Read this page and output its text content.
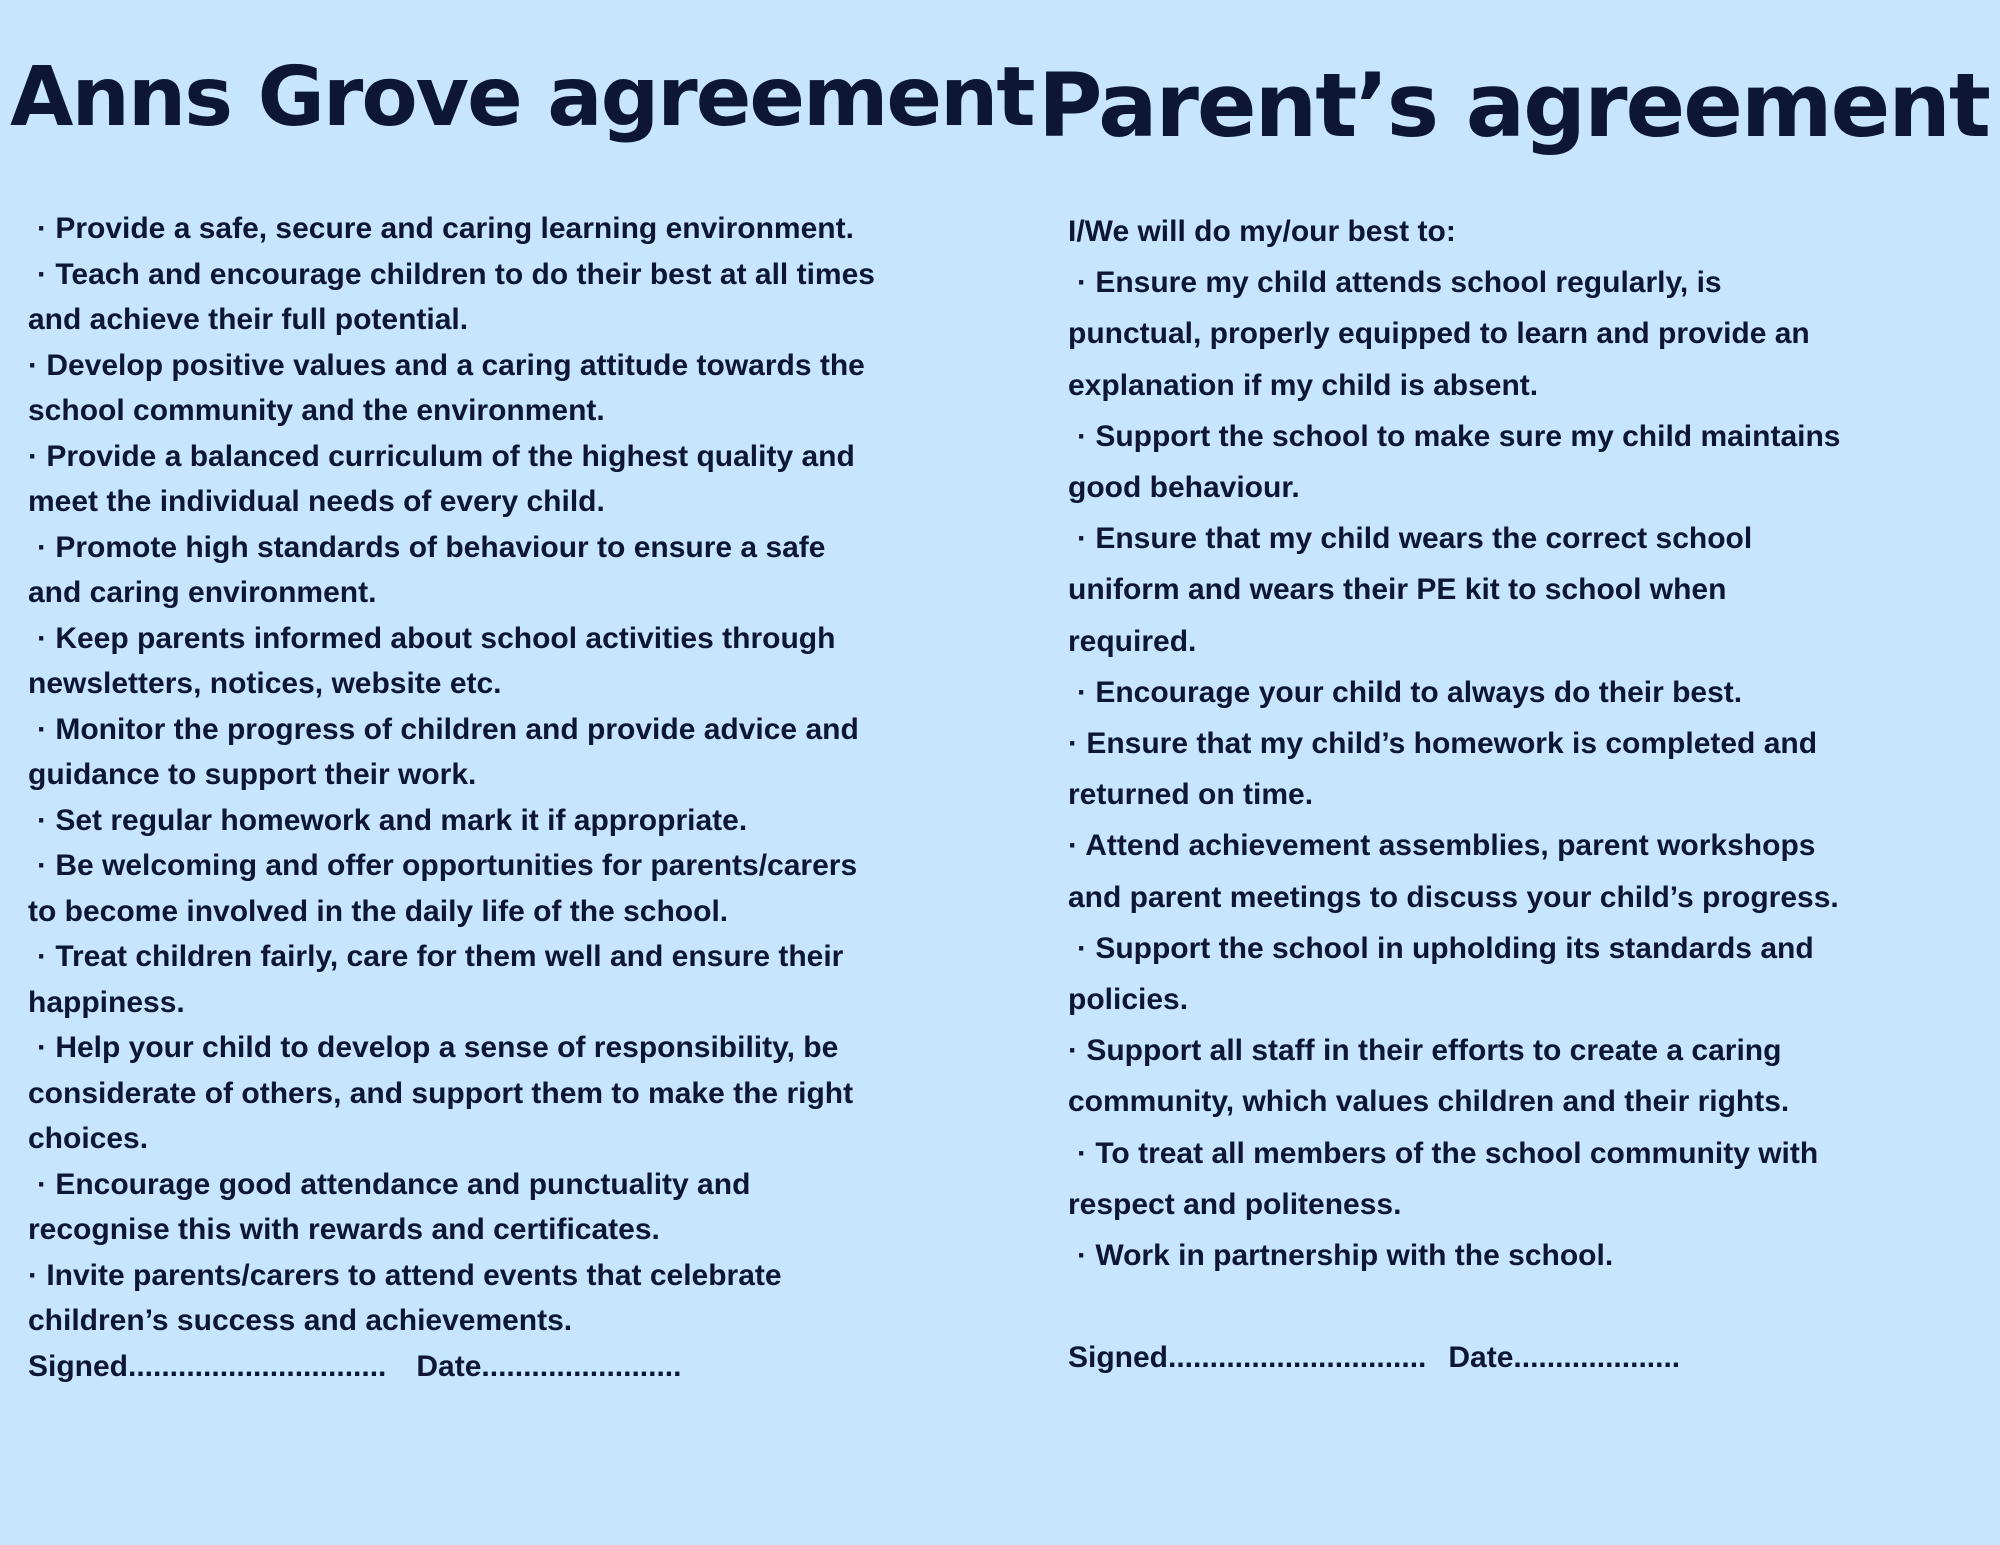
Anns Grove agreement Parent’s agreement
· Provide a safe, secure and caring learning environment.
· Teach and encourage children to do their best at all times
and achieve their full potential.
· Develop positive values and a caring attitude towards the
school community and the environment.
· Provide a balanced curriculum of the highest quality and
meet the individual needs of every child.
· Promote high standards of behaviour to ensure a safe
and caring environment.
· Keep parents informed about school activities through
newsletters, notices, website etc.
· Monitor the progress of children and provide advice and
guidance to support their work.
· Set regular homework and mark it if appropriate.
· Be welcoming and offer opportunities for parents/carers
to become involved in the daily life of the school.
· Treat children fairly, care for them well and ensure their
happiness.
· Help your child to develop a sense of responsibility, be
considerate of others, and support them to make the right
choices.
· Encourage good attendance and punctuality and
recognise this with rewards and certificates.
· Invite parents/carers to attend events that celebrate
children’s success and achievements.
Signed............................... Date........................
I/We will do my/our best to:
· Ensure my child attends school regularly, is
punctual, properly equipped to learn and provide an
explanation if my child is absent.
· Support the school to make sure my child maintains
good behaviour.
· Ensure that my child wears the correct school
uniform and wears their PE kit to school when
required.
· Encourage your child to always do their best.
· Ensure that my child’s homework is completed and
returned on time.
· Attend achievement assemblies, parent workshops
and parent meetings to discuss your child’s progress.
· Support the school in upholding its standards and
policies.
· Support all staff in their efforts to create a caring
community, which values children and their rights.
· To treat all members of the school community with
respect and politeness.
· Work in partnership with the school.
Signed............................... Date....................
